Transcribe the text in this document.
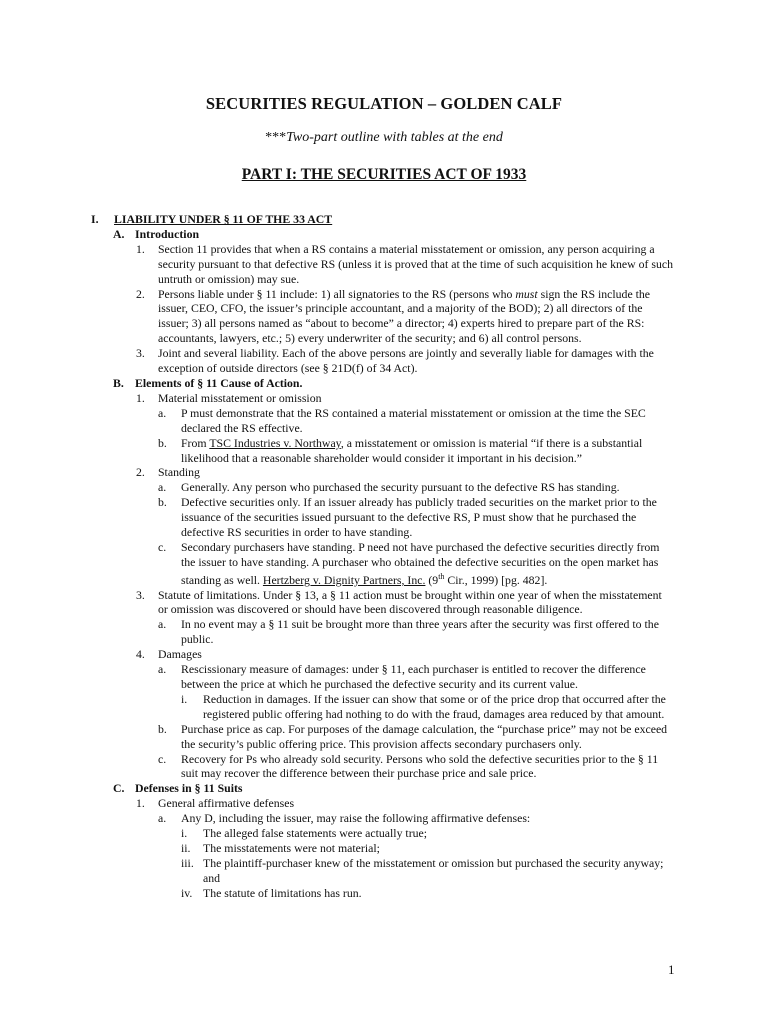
SECURITIES REGULATION – GOLDEN CALF
***Two-part outline with tables at the end
PART I: THE SECURITIES ACT OF 1933
I. LIABILITY UNDER § 11 OF THE 33 ACT
A. Introduction
1. Section 11 provides that when a RS contains a material misstatement or omission, any person acquiring a security pursuant to that defective RS (unless it is proved that at the time of such acquisition he knew of such untruth or omission) may sue.
2. Persons liable under § 11 include: 1) all signatories to the RS (persons who must sign the RS include the issuer, CEO, CFO, the issuer’s principle accountant, and a majority of the BOD); 2) all directors of the issuer; 3) all persons named as “about to become” a director; 4) experts hired to prepare part of the RS: accountants, lawyers, etc.; 5) every underwriter of the security; and 6) all control persons.
3. Joint and several liability. Each of the above persons are jointly and severally liable for damages with the exception of outside directors (see § 21D(f) of 34 Act).
B. Elements of § 11 Cause of Action.
1. Material misstatement or omission
a. P must demonstrate that the RS contained a material misstatement or omission at the time the SEC declared the RS effective.
b. From TSC Industries v. Northway, a misstatement or omission is material “if there is a substantial likelihood that a reasonable shareholder would consider it important in his decision.”
2. Standing
a. Generally. Any person who purchased the security pursuant to the defective RS has standing.
b. Defective securities only. If an issuer already has publicly traded securities on the market prior to the issuance of the securities issued pursuant to the defective RS, P must show that he purchased the defective RS securities in order to have standing.
c. Secondary purchasers have standing. P need not have purchased the defective securities directly from the issuer to have standing. A purchaser who obtained the defective securities on the open market has standing as well. Hertzberg v. Dignity Partners, Inc. (9th Cir., 1999) [pg. 482].
3. Statute of limitations. Under § 13, a § 11 action must be brought within one year of when the misstatement or omission was discovered or should have been discovered through reasonable diligence.
a. In no event may a § 11 suit be brought more than three years after the security was first offered to the public.
4. Damages
a. Rescissionary measure of damages: under § 11, each purchaser is entitled to recover the difference between the price at which he purchased the defective security and its current value.
i. Reduction in damages. If the issuer can show that some or of the price drop that occurred after the registered public offering had nothing to do with the fraud, damages area reduced by that amount.
b. Purchase price as cap. For purposes of the damage calculation, the “purchase price” may not be exceed the security’s public offering price. This provision affects secondary purchasers only.
c. Recovery for Ps who already sold security. Persons who sold the defective securities prior to the § 11 suit may recover the difference between their purchase price and sale price.
C. Defenses in § 11 Suits
1. General affirmative defenses
a. Any D, including the issuer, may raise the following affirmative defenses:
i. The alleged false statements were actually true;
ii. The misstatements were not material;
iii. The plaintiff-purchaser knew of the misstatement or omission but purchased the security anyway; and
iv. The statute of limitations has run.
1
